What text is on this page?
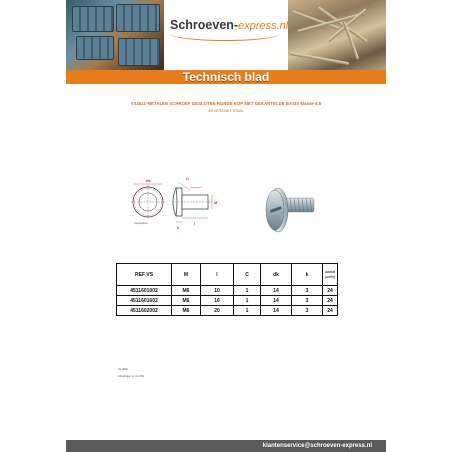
Schroeven-express.nl
Technisch blad
VS4511-METALEN SCHROEF GESLOTEN RONDE KOP MET GEKARTELDE BASIS klasse 6.8
ZB VERZINKT STAAL
dk
Kartelgebied
C
standaard l1
M
l
k
REF VS	M	l	C	dk	k	aantal
(units)
4511601002	M6	10	1	14	3	24
4511601602	M6	16	1	14	3	24
4511602002	M6	20	1	14	3	24
NL 2019
Afmetingen in mm DIN
klantenservice@schroeven-express.nl
